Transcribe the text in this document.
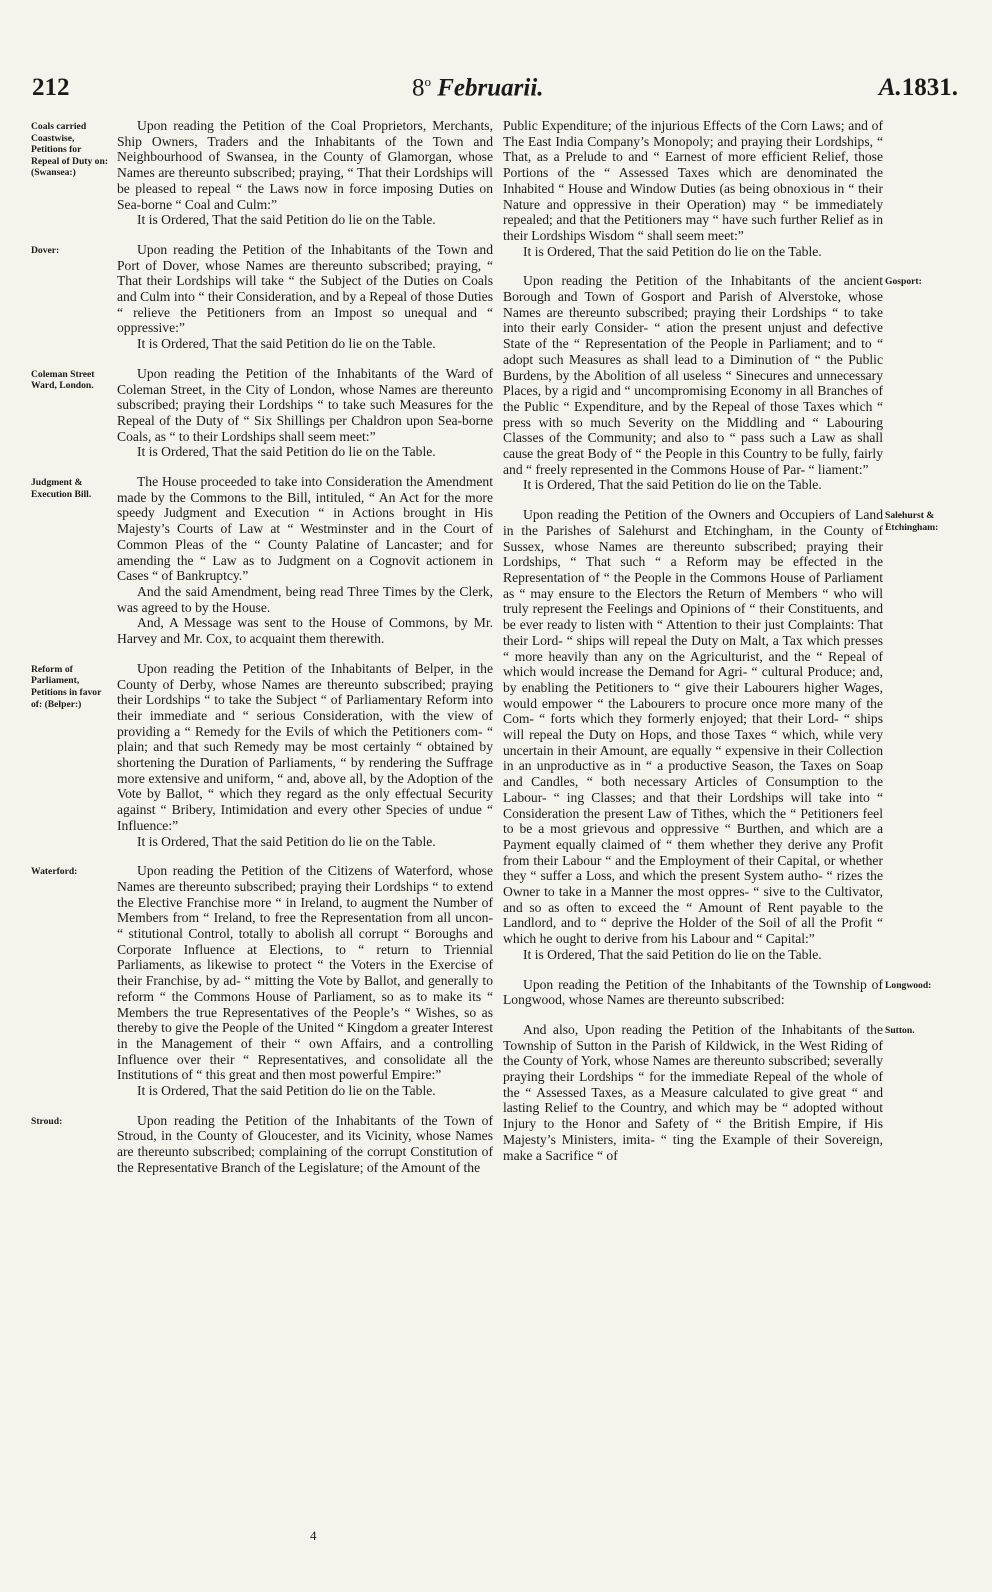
212	8$^o$ Februarii.	A.1831.
Coals carried Coastwise, Petitions for Repeal of Duty on: (Swansea:)

Upon reading the Petition of the Coal Proprietors, Merchants, Ship Owners, Traders and the Inhabitants of the Town and Neighbourhood of Swansea, in the County of Glamorgan, whose Names are thereunto subscribed; praying, “ That their Lordships will be pleased to repeal “ the Laws now in force imposing Duties on Sea-borne “ Coal and Culm:”

It is Ordered, That the said Petition do lie on the Table.

Dover:	Upon reading the Petition of the Inhabitants of the Town and Port of Dover, whose Names are thereunto subscribed; praying, “ That their Lordships will take “ the Subject of the Duties on Coals and Culm into “ their Consideration, and by a Repeal of those Duties “ relieve the Petitioners from an Impost so unequal and “ oppressive:”

It is Ordered, That the said Petition do lie on the Table.

Coleman Street Ward, London.

Upon reading the Petition of the Inhabitants of the Ward of Coleman Street, in the City of London, whose Names are thereunto subscribed; praying their Lordships “ to take such Measures for the Repeal of the Duty of “ Six Shillings per Chaldron upon Sea-borne Coals, as “ to their Lordships shall seem meet:”

It is Ordered, That the said Petition do lie on the Table.

Judgment & Execution Bill.

The House proceeded to take into Consideration the Amendment made by the Commons to the Bill, intituled, “ An Act for the more speedy Judgment and Execution “ in Actions brought in His Majesty’s Courts of Law at “ Westminster and in the Court of Common Pleas of the “ County Palatine of Lancaster; and for amending the “ Law as to Judgment on a Cognovit actionem in Cases “ of Bankruptcy.”

And the said Amendment, being read Three Times by the Clerk, was agreed to by the House.

And, A Message was sent to the House of Commons, by Mr. Harvey and Mr. Cox, to acquaint them therewith.

Reform of Parliament, Petitions in favor of: (Belper:)

Upon reading the Petition of the Inhabitants of Belper, in the County of Derby, whose Names are thereunto subscribed; praying their Lordships “ to take the Subject “ of Parliamentary Reform into their immediate and “ serious Consideration, with the view of providing a “ Remedy for the Evils of which the Petitioners com- “ plain; and that such Remedy may be most certainly “ obtained by shortening the Duration of Parliaments, “ by rendering the Suffrage more extensive and uniform, “ and, above all, by the Adoption of the Vote by Ballot, “ which they regard as the only effectual Security against “ Bribery, Intimidation and every other Species of undue “ Influence:”

It is Ordered, That the said Petition do lie on the Table.

Waterford:	Upon reading the Petition of the Citizens of Waterford, whose Names are thereunto subscribed; praying their Lordships “ to extend the Elective Franchise more “ in Ireland, to augment the Number of Members from “ Ireland, to free the Representation from all uncon- “ stitutional Control, totally to abolish all corrupt “ Boroughs and Corporate Influence at Elections, to “ return to Triennial Parliaments, as likewise to protect “ the Voters in the Exercise of their Franchise, by ad- “ mitting the Vote by Ballot, and generally to reform “ the Commons House of Parliament, so as to make its “ Members the true Representatives of the People’s “ Wishes, so as thereby to give the People of the United “ Kingdom a greater Interest in the Management of their “ own Affairs, and a controlling Influence over their “ Representatives, and consolidate all the Institutions of “ this great and then most powerful Empire:”

It is Ordered, That the said Petition do lie on the Table.

Stroud:	Upon reading the Petition of the Inhabitants of the Town of Stroud, in the County of Gloucester, and its Vicinity, whose Names are thereunto subscribed; complaining of the corrupt Constitution of the Representative Branch of the Legislature; of the Amount of the

Public Expenditure; of the injurious Effects of the Corn Laws; and of The East India Company’s Monopoly; and praying their Lordships, “ That, as a Prelude to and “ Earnest of more efficient Relief, those Portions of the “ Assessed Taxes which are denominated the Inhabited “ House and Window Duties (as being obnoxious in “ their Nature and oppressive in their Operation) may “ be immediately repealed; and that the Petitioners may “ have such further Relief as in their Lordships Wisdom “ shall seem meet:”

It is Ordered, That the said Petition do lie on the Table.

Gosport:

Upon reading the Petition of the Inhabitants of the ancient Borough and Town of Gosport and Parish of Alverstoke, whose Names are thereunto subscribed; praying their Lordships “ to take into their early Consider- “ ation the present unjust and defective State of the “ Representation of the People in Parliament; and to “ adopt such Measures as shall lead to a Diminution of “ the Public Burdens, by the Abolition of all useless “ Sinecures and unnecessary Places, by a rigid and “ uncompromising Economy in all Branches of the Public “ Expenditure, and by the Repeal of those Taxes which “ press with so much Severity on the Middling and “ Labouring Classes of the Community; and also to “ pass such a Law as shall cause the great Body of “ the People in this Country to be fully, fairly and “ freely represented in the Commons House of Par- “ liament:”

It is Ordered, That the said Petition do lie on the Table.

Salehurst & Etchingham:

Upon reading the Petition of the Owners and Occupiers of Land in the Parishes of Salehurst and Etchingham, in the County of Sussex, whose Names are thereunto subscribed; praying their Lordships, “ That such “ a Reform may be effected in the Representation of “ the People in the Commons House of Parliament as “ may ensure to the Electors the Return of Members “ who will truly represent the Feelings and Opinions of “ their Constituents, and be ever ready to listen with “ Attention to their just Complaints: That their Lord- “ ships will repeal the Duty on Malt, a Tax which presses “ more heavily than any on the Agriculturist, and the “ Repeal of which would increase the Demand for Agri- “ cultural Produce; and, by enabling the Petitioners to “ give their Labourers higher Wages, would empower “ the Labourers to procure once more many of the Com- “ forts which they formerly enjoyed; that their Lord- “ ships will repeal the Duty on Hops, and those Taxes “ which, while very uncertain in their Amount, are equally “ expensive in their Collection in an unproductive as in “ a productive Season, the Taxes on Soap and Candles, “ both necessary Articles of Consumption to the Labour- “ ing Classes; and that their Lordships will take into “ Consideration the present Law of Tithes, which the “ Petitioners feel to be a most grievous and oppressive “ Burthen, and which are a Payment equally claimed of “ them whether they derive any Profit from their Labour “ and the Employment of their Capital, or whether they “ suffer a Loss, and which the present System autho- “ rizes the Owner to take in a Manner the most oppres- “ sive to the Cultivator, and so as often to exceed the “ Amount of Rent payable to the Landlord, and to “ deprive the Holder of the Soil of all the Profit “ which he ought to derive from his Labour and “ Capital:”

It is Ordered, That the said Petition do lie on the Table.

Longwood:

Upon reading the Petition of the Inhabitants of the Township of Longwood, whose Names are thereunto subscribed:

Sutton.

And also, Upon reading the Petition of the Inhabitants of the Township of Sutton in the Parish of Kildwick, in the West Riding of the County of York, whose Names are thereunto subscribed; severally praying their Lordships “ for the immediate Repeal of the whole of the “ Assessed Taxes, as a Measure calculated to give great “ and lasting Relief to the Country, and which may be “ adopted without Injury to the Honor and Safety of “ the British Empire, if His Majesty’s Ministers, imita- “ ting the Example of their Sovereign, make a Sacrifice “ of

4
